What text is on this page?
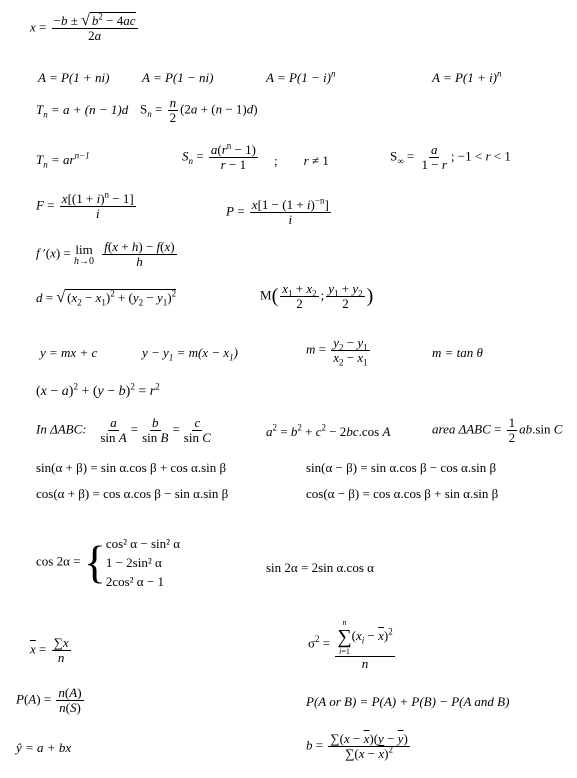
$x = \frac{-b \pm √ b^2 - 4ac}{2a}$
A = P(1 + ni)	A = P(1 − ni)	$A = P(1 - i)^n$	$A = P(1 + i)^n$
$T_n = a + (n - 1)d$ $S_n = \frac{n}{2} (2a + (n - 1)d)$
$T_n = ar^{n-1}$	$S_n = \frac{a(r^n - 1)}{r - 1}$ ;        r ≠ 1	$S_\infty = \frac{a}{1 - r}$ ; −1 < r < 1
$F = \frac{x[(1 + i)^n - 1]}{i}$	$P = \frac{x[1 - (1 + i)^{-n}]}{i}$
f ′(x) = lim
h→0
$\frac{f(x + h) - f(x)}{h}$
d = √ $(x_2 - x_1)^2 + (y_2 - y_1)^2$	$M( \frac{x_1 + x_2}{2}$ ; $\frac{y_1 + y_2}{2}$ )
y = mx + c	$y - y_1 = m(x - x_1)$	$m = \frac{y_2 - y_1}{x_2 - x_1}$	m = tan θ
$(x - a)^2 + (y - b)^2 = r^2$
In ΔABC: $\frac{a}{\text{sin A}} = \frac{b}{\text{sin B}} = \frac{c}{\text{sin C}}$	$a^2 = b^2 + c^2 - 2bc.\cos$ A	area $\Delta ABC = \frac{1}{2} ab.\sin$ C
sin(α + β) = sin α.cos β + cos α.sin β	sin(α − β) = sin α.cos β − cos α.sin β
cos(α + β) = cos α.cos β − sin α.sin β	cos(α − β) = cos α.cos β + sin α.sin β
cos 2α = { cos² α − sin² α
1 − 2sin² α
2cos² α − 1
sin 2α = 2sin α.cos α
$\overline{x} = \frac{\sum x}{n}$	$\sigma^2 = n$
∑
i=1
$(x_i - \overline{x})^2$
n
$P(A) = \frac{n(A)}{n(S)}$	P(A or B) = P(A) + P(B) − P(A and B)
ŷ = a + bx	$b = \frac{\sum(x - \overline{x})(y - \overline{y})}{\sum(x - \overline{x})^2}$
